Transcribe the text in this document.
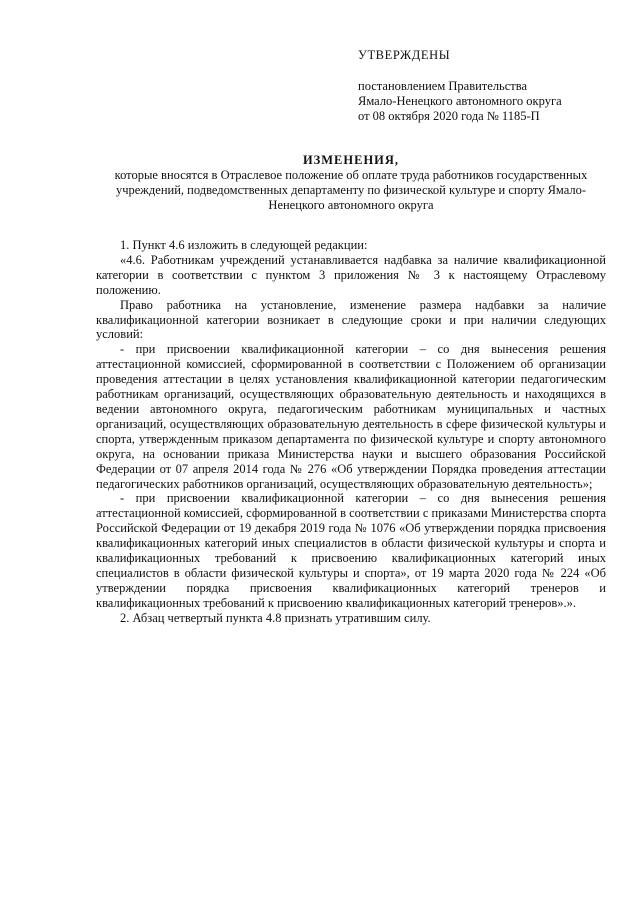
УТВЕРЖДЕНЫ
постановлением Правительства
Ямало-Ненецкого автономного округа
от 08 октября 2020 года № 1185-П
ИЗМЕНЕНИЯ,
которые вносятся в Отраслевое положение об оплате труда работников государственных учреждений, подведомственных департаменту по физической культуре и спорту Ямало-Ненецкого автономного округа

1. Пункт 4.6 изложить в следующей редакции:

«4.6. Работникам учреждений устанавливается надбавка за наличие квалификационной категории в соответствии с пунктом 3 приложения № 3 к настоящему Отраслевому положению.

Право работника на установление, изменение размера надбавки за наличие квалификационной категории возникает в следующие сроки и при наличии следующих условий:

- при присвоении квалификационной категории – со дня вынесения решения аттестационной комиссией, сформированной в соответствии с Положением об организации проведения аттестации в целях установления квалификационной категории педагогическим работникам организаций, осуществляющих образовательную деятельность и находящихся в ведении автономного округа, педагогическим работникам муниципальных и частных организаций, осуществляющих образовательную деятельность в сфере физической культуры и спорта, утвержденным приказом департамента по физической культуре и спорту автономного округа, на основании приказа Министерства науки и высшего образования Российской Федерации от 07 апреля 2014 года № 276 «Об утверждении Порядка проведения аттестации педагогических работников организаций, осуществляющих образовательную деятельность»;

- при присвоении квалификационной категории – со дня вынесения решения аттестационной комиссией, сформированной в соответствии с приказами Министерства спорта Российской Федерации от 19 декабря 2019 года № 1076 «Об утверждении порядка присвоения квалификационных категорий иных специалистов в области физической культуры и спорта и квалификационных требований к присвоению квалификационных категорий иных специалистов в области физической культуры и спорта», от 19 марта 2020 года № 224 «Об утверждении порядка присвоения квалификационных категорий тренеров и квалификационных требований к присвоению квалификационных категорий тренеров».».

2. Абзац четвертый пункта 4.8 признать утратившим силу.
